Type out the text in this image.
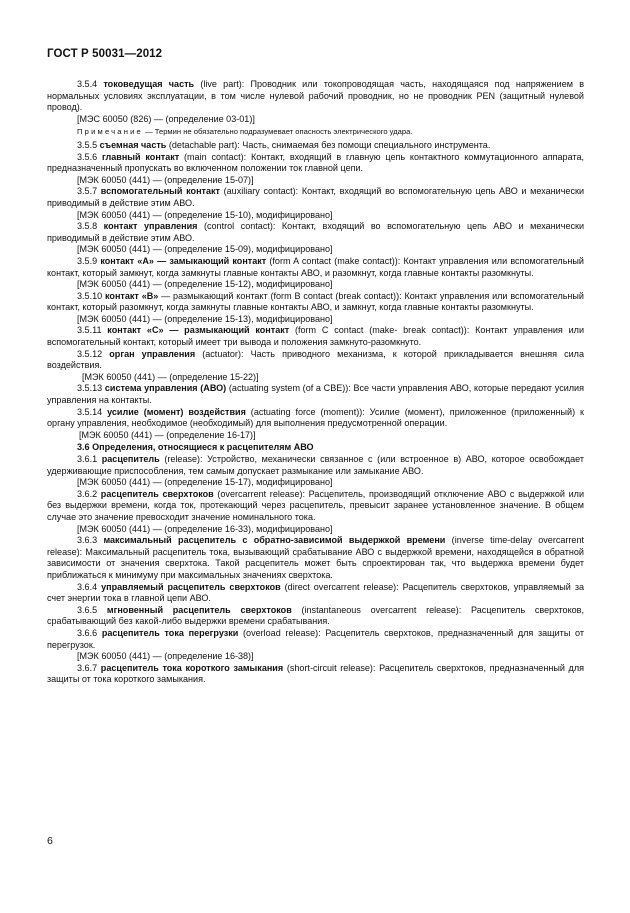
ГОСТ Р 50031—2012

3.5.4 токоведущая часть (live part): Проводник или токопроводящая часть, находящаяся под напряжением в нормальных условиях эксплуатации, в том числе нулевой рабочий проводник, но не проводник PEN (защитный нулевой провод).

[МЭС 60050 (826) — (определение 03-01)]

Примечание — Термин не обязательно подразумевает опасность электрического удара.

3.5.5 съемная часть (detachable part): Часть, снимаемая без помощи специального инструмента.

3.5.6 главный контакт (main contact): Контакт, входящий в главную цепь контактного коммутационного аппарата, предназначенный пропускать во включенном положении ток главной цепи.

[МЭК 60050 (441) — (определение 15-07)]

3.5.7 вспомогательный контакт (auxiliary contact): Контакт, входящий во вспомогательную цепь АВО и механически приводимый в действие этим АВО.

[МЭК 60050 (441) — (определение 15-10), модифицировано]

3.5.8 контакт управления (control contact): Контакт, входящий во вспомогательную цепь АВО и механически приводимый в действие этим АВО.

[МЭК 60050 (441) — (определение 15-09), модифицировано]

3.5.9 контакт «А» — замыкающий контакт (form A contact (make contact)): Контакт управления или вспомогательный контакт, который замкнут, когда замкнуты главные контакты АВО, и разомкнут, когда главные контакты разомкнуты.

[МЭК 60050 (441) — (определение 15-12), модифицировано]

3.5.10 контакт «В» — размыкающий контакт (form B contact (break contact)): Контакт управления или вспомогательный контакт, который разомкнут, когда замкнуты главные контакты АВО, и замкнут, когда главные контакты разомкнуты.

[МЭК 60050 (441) — (определение 15-13), модифицировано]

3.5.11 контакт «С» — размыкающий контакт (form C contact (make- break contact)): Контакт управления или вспомогательный контакт, который имеет три вывода и положения замкнуто-разомкнуто.

3.5.12 орган управления (actuator): Часть приводного механизма, к которой прикладывается внешняя сила воздействия.

[МЭК 60050 (441) — (определение 15-22)]

3.5.13 система управления (АВО) (actuating system (of a CBE)): Все части управления АВО, которые передают усилия управления на контакты.

3.5.14 усилие (момент) воздействия (actuating force (moment)): Усилие (момент), приложенное (приложенный) к органу управления, необходимое (необходимый) для выполнения предусмотренной операции.

[МЭК 60050 (441) — (определение 16-17)]

3.6 Определения, относящиеся к расцепителям АВО

3.6.1 расцепитель (release): Устройство, механически связанное с (или встроенное в) АВО, которое освобождает удерживающие приспособления, тем самым допускает размыкание или замыкание АВО.

[МЭК 60050 (441) — (определение 15-17), модифицировано]

3.6.2 расцепитель сверхтоков (overcarrent release): Расцепитель, производящий отключение АВО с выдержкой или без выдержки времени, когда ток, протекающий через расцепитель, превысит заранее установленное значение. В общем случае это значение превосходит значение номинального тока.

[МЭК 60050 (441) — (определение 16-33), модифицировано]

3.6.3 максимальный расцепитель с обратно-зависимой выдержкой времени (inverse time-delay overcarrent release): Максимальный расцепитель тока, вызывающий срабатывание АВО с выдержкой времени, находящейся в обратной зависимости от значения сверхтока. Такой расцепитель может быть спроектирован так, что выдержка времени будет приближаться к минимуму при максимальных значениях сверхтока.

3.6.4 управляемый расцепитель сверхтоков (direct overcarrent release): Расцепитель сверхтоков, управляемый за счет энергии тока в главной цепи АВО.

3.6.5 мгновенный расцепитель сверхтоков (instantaneous overcarrent release): Расцепитель сверхтоков, срабатывающий без какой-либо выдержки времени срабатывания.

3.6.6 расцепитель тока перегрузки (overload release): Расцепитель сверхтоков, предназначенный для защиты от перегрузок.

[МЭК 60050 (441) — (определение 16-38)]

3.6.7 расцепитель тока короткого замыкания (short-circuit release): Расцепитель сверхтоков, предназначенный для защиты от тока короткого замыкания.

6
